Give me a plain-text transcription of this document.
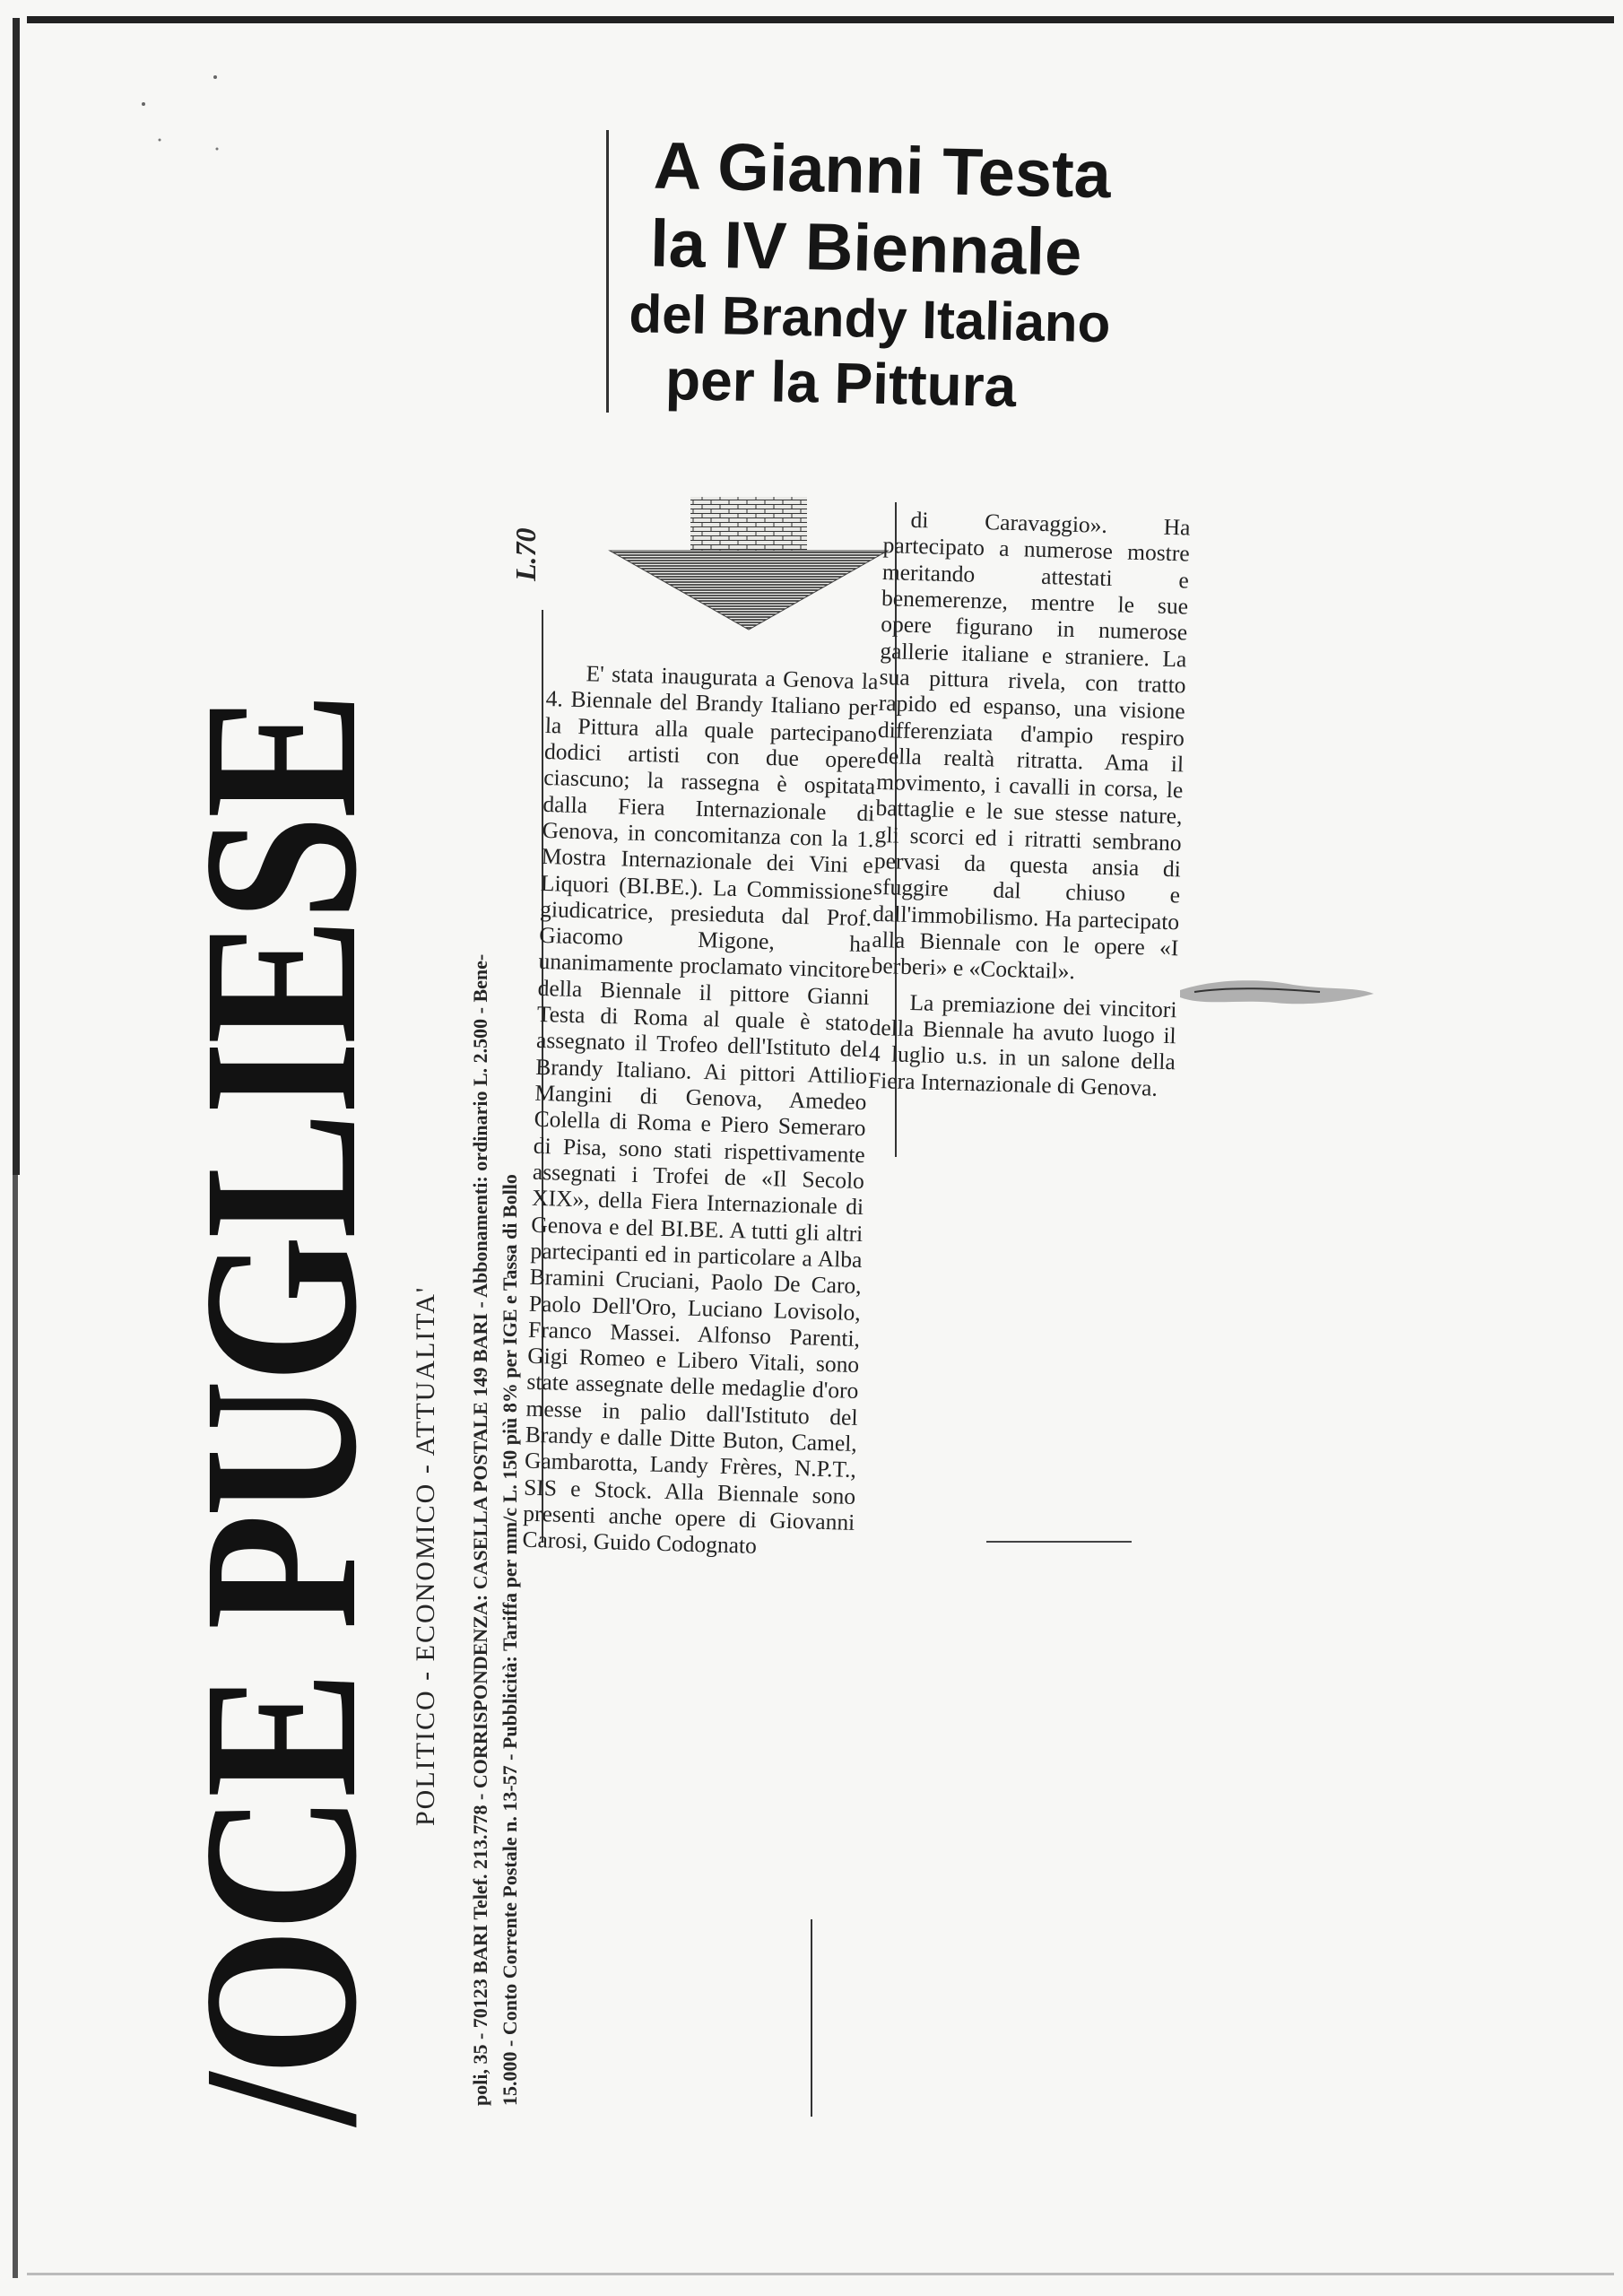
/OCE PUGLIESE POLITICO - ECONOMICO - ATTUALITA' poli, 35 - 70123 BARI Telef. 213.778 - CORRISPONDENZA: CASELLA POSTALE 149 BARI - Abbonamenti: ordinario L. 2.500 - Bene- 15.000 - Conto Corrente Postale n. 13-57 - Pubblicità: Tariffa per mm/c L. 150 più 8% per IGE e Tassa di Bollo
L.70
A Gianni Testa
la IV Biennale
del Brandy Italiano
per la Pittura

E' stata inaugurata a Genova la 4. Biennale del Brandy Italiano per la Pittura alla quale partecipano dodici artisti con due opere ciascuno; la rassegna è ospitata dalla Fiera Internazionale di Genova, in concomitanza con la 1. Mostra Internazionale dei Vini e Liquori (BI.BE.). La Commissione giudicatrice, presieduta dal Prof. Giacomo Migone, ha unanimamente proclamato vincitore della Biennale il pittore Gianni Testa di Roma al quale è stato assegnato il Trofeo dell'Istituto del Brandy Italiano. Ai pittori Attilio Mangini di Genova, Amedeo Colella di Roma e Piero Semeraro di Pisa, sono stati rispettivamente assegnati i Trofei de «Il Secolo XIX», della Fiera Internazionale di Genova e del BI.BE. A tutti gli altri partecipanti ed in particolare a Alba Bramini Cruciani, Paolo De Caro, Paolo Dell'Oro, Luciano Lovisolo, Franco Massei. Alfonso Parenti, Gigi Romeo e Libero Vitali, sono state assegnate delle medaglie d'oro messe in palio dall'Istituto del Brandy e dalle Ditte Buton, Camel, Gambarotta, Landy Frères, N.P.T., SIS e Stock. Alla Biennale sono presenti anche opere di Giovanni Carosi, Guido Codognato

di Caravaggio». Ha partecipato a numerose mostre meritando attestati e benemerenze, mentre le sue opere figurano in numerose gallerie italiane e straniere. La sua pittura rivela, con tratto rapido ed espanso, una visione differenziata d'ampio respiro della realtà ritratta. Ama il movimento, i cavalli in corsa, le battaglie e le sue stesse nature, gli scorci ed i ritratti sembrano pervasi da questa ansia di sfuggire dal chiuso e dall'immobilismo. Ha partecipato alla Biennale con le opere «I berberi» e «Cocktail».

La premiazione dei vincitori della Biennale ha avuto luogo il 4 luglio u.s. in un salone della Fiera Internazionale di Genova.
